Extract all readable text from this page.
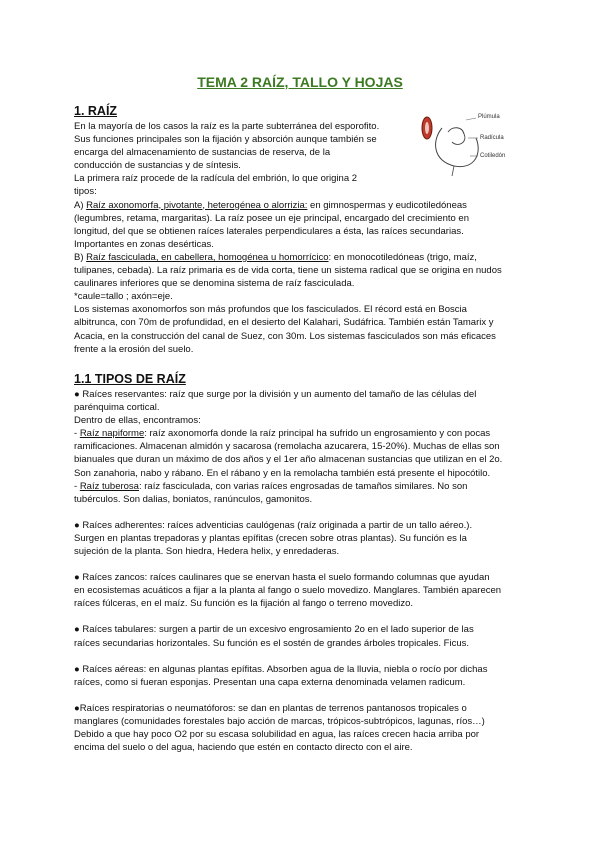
TEMA 2 RAÍZ, TALLO Y HOJAS
1. RAÍZ	Plúmula
Radícula
Cotiledón
En la mayoría de los casos la raíz es la parte subterránea del esporofito.
Sus funciones principales son la fijación y absorción aunque también se
encarga del almacenamiento de sustancias de reserva, de la
conducción de sustancias y de síntesis.
La primera raíz procede de la radícula del embrión, lo que origina 2
tipos:
A) Raíz axonomorfa, pivotante, heterogénea o alorrizia: en gimnospermas y eudicotiledóneas
(legumbres, retama, margaritas). La raíz posee un eje principal, encargado del crecimiento en
longitud, del que se obtienen raíces laterales perpendiculares a ésta, las raíces secundarias.
Importantes en zonas desérticas.
B) Raíz fasciculada, en cabellera, homogénea u homorrícico: en monocotiledóneas (trigo, maíz,
tulipanes, cebada). La raíz primaria es de vida corta, tiene un sistema radical que se origina en nudos
caulinares inferiores que se denomina sistema de raíz fasciculada.
*caule=tallo ; axón=eje.
Los sistemas axonomorfos son más profundos que los fasciculados. El récord está en Boscia
albitrunca, con 70m de profundidad, en el desierto del Kalahari, Sudáfrica. También están Tamarix y
Acacia, en la construcción del canal de Suez, con 30m. Los sistemas fasciculados son más eficaces
frente a la erosión del suelo.
1.1 TIPOS DE RAÍZ
● Raíces reservantes: raíz que surge por la división y un aumento del tamaño de las células del
parénquima cortical.
Dentro de ellas, encontramos:
- Raíz napiforme: raíz axonomorfa donde la raíz principal ha sufrido un engrosamiento y con pocas
ramificaciones. Almacenan almidón y sacarosa (remolacha azucarera, 15-20%). Muchas de ellas son
bianuales que duran un máximo de dos años y el 1er año almacenan sustancias que utilizan en el 2o.
Son zanahoria, nabo y rábano. En el rábano y en la remolacha también está presente el hipocótilo.
- Raíz tuberosa: raíz fasciculada, con varias raíces engrosadas de tamaños similares. No son
tubérculos. Son dalias, boniatos, ranúnculos, gamonitos.
● Raíces adherentes: raíces adventicias caulógenas (raíz originada a partir de un tallo aéreo.).
Surgen en plantas trepadoras y plantas epífitas (crecen sobre otras plantas). Su función es la
sujeción de la planta. Son hiedra, Hedera helix, y enredaderas.
● Raíces zancos: raíces caulinares que se enervan hasta el suelo formando columnas que ayudan
en ecosistemas acuáticos a fijar a la planta al fango o suelo movedizo. Manglares. También aparecen
raíces fúlceras, en el maíz. Su función es la fijación al fango o terreno movedizo.
● Raíces tabulares: surgen a partir de un excesivo engrosamiento 2o en el lado superior de las
raíces secundarias horizontales. Su función es el sostén de grandes árboles tropicales. Ficus.
● Raíces aéreas: en algunas plantas epífitas. Absorben agua de la lluvia, niebla o rocío por dichas
raíces, como si fueran esponjas. Presentan una capa externa denominada velamen radicum.
●Raíces respiratorias o neumatóforos: se dan en plantas de terrenos pantanosos tropicales o
manglares (comunidades forestales bajo acción de marcas, trópicos-subtrópicos, lagunas, ríos…)
Debido a que hay poco O2 por su escasa solubilidad en agua, las raíces crecen hacia arriba por
encima del suelo o del agua, haciendo que estén en contacto directo con el aire.
